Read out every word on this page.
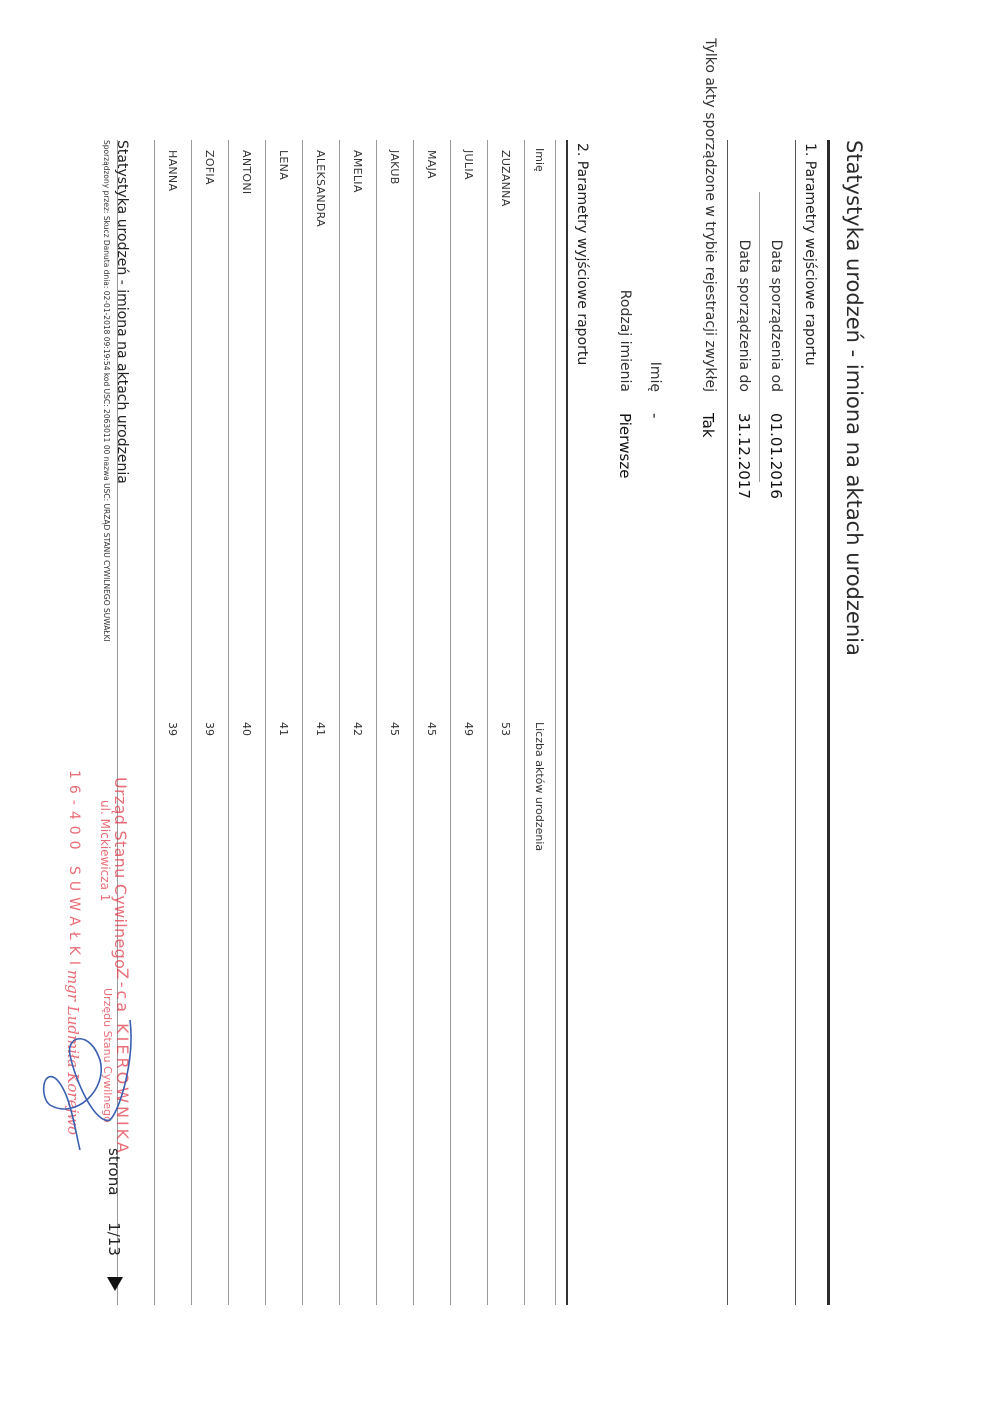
Statystyka urodzeń - imiona na aktach urodzenia
1. Parametry wejściowe raportu
Data sporządzenia od
01.01.2016
Data sporządzenia do
31.12.2017
Tylko akty sporządzone w trybie rejestracji zwykłej
Tak
Imię
-
Rodzaj imienia
Pierwsze
2. Parametry wyjściowe raportu
Imię	Liczba aktów urodzenia
ZUZANNA	53
JULIA	49
MAJA	45
JAKUB	45
AMELIA	42
ALEKSANDRA	41
LENA	41
ANTONI	40
ZOFIA	39
HANNA	39

Urząd Stanu Cywilnego
ul. Mickiewicza 1
16-400 SUWAŁKI
Z-ca KIEROWNIKA
Urzędu Stanu Cywilnego
mgr Ludmiła Korejwo
Statystyka urodzeń - imiona na aktach urodzenia
Sporządzony przez: Skucz Danuta dnia: 02-01-2018 09:19:54 kod USC: 2063011 00 nazwa USC: URZĄD STANU CYWILNEGO SUWAŁKI
strona 1/13
